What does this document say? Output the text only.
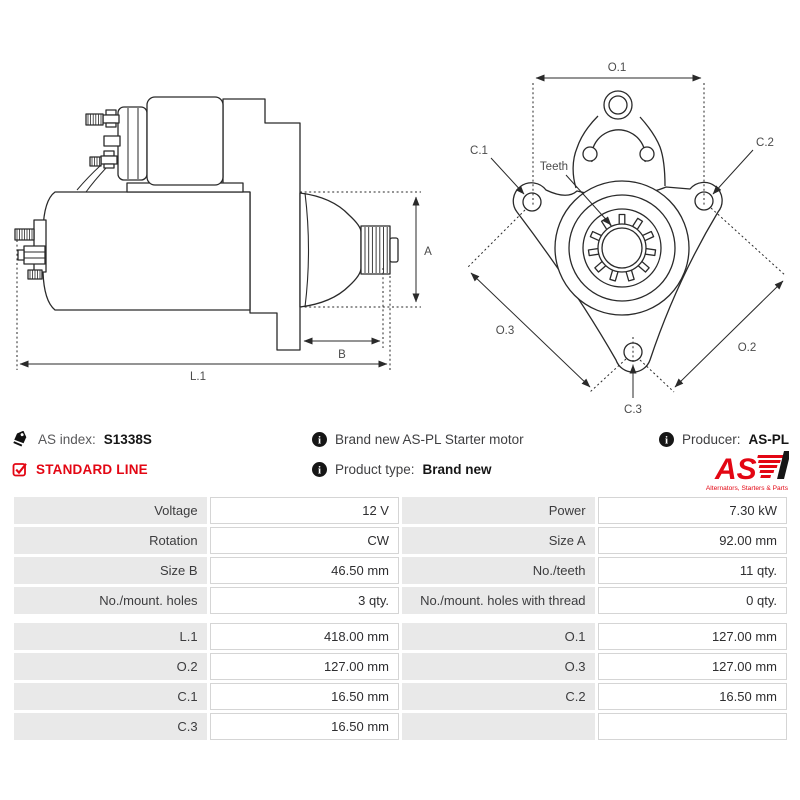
A
B
L.1
O.1
C.1
C.2
Teeth
O.3
O.2
C.3
AS index: S1338S	i Brand new AS-PL Starter motor	i Producer: AS-PL
STANDARD LINE	i Product type: Brand new	AS
Alternators, Starters & Parts
Voltage	12 V	Power	7.30 kW
Rotation	CW	Size A	92.00 mm
Size B	46.50 mm	No./teeth	11 qty.
No./mount. holes	3 qty.	No./mount. holes with thread	0 qty.
L.1	418.00 mm	O.1	127.00 mm
O.2	127.00 mm	O.3	127.00 mm
C.1	16.50 mm	C.2	16.50 mm
C.3	16.50 mm		
